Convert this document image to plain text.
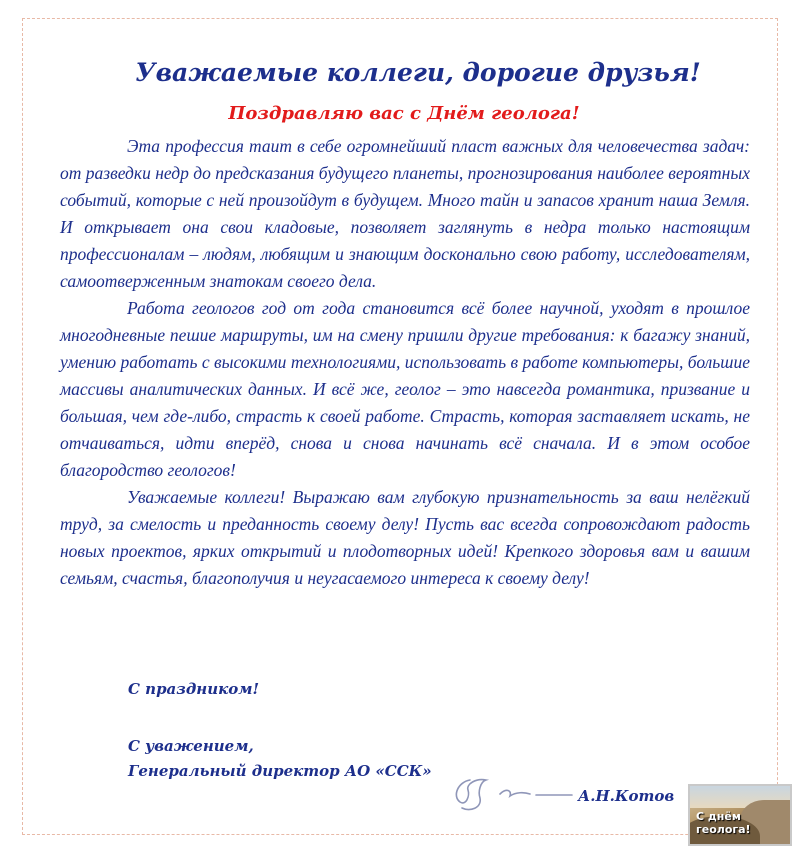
Уважаемые коллеги, дорогие друзья!
Поздравляю вас с Днём геолога!

Эта профессия таит в себе огромнейший пласт важных для человечества задач: от разведки недр до предсказания будущего планеты, прогнозирования наиболее вероятных событий, которые с ней произойдут в будущем. Много тайн и запасов хранит наша Земля. И открывает она свои кладовые, позволяет заглянуть в недра только настоящим профессионалам – людям, любящим и знающим досконально свою работу, исследователям, самоотверженным знатокам своего дела.

Работа геологов год от года становится всё более научной, уходят в прошлое многодневные пешие маршруты, им на смену пришли другие требования: к багажу знаний, умению работать с высокими технологиями, использовать в работе компьютеры, большие массивы аналитических данных. И всё же, геолог – это навсегда романтика, призвание и большая, чем где-либо, страсть к своей работе. Страсть, которая заставляет искать, не отчаиваться, идти вперёд, снова и снова начинать всё сначала. И в этом особое благородство геологов!

Уважаемые коллеги! Выражаю вам глубокую признательность за ваш нелёгкий труд, за смелость и преданность своему делу! Пусть вас всегда сопровождают радость новых проектов, ярких открытий и плодотворных идей! Крепкого здоровья вам и вашим семьям, счастья, благополучия и неугасаемого интереса к своему делу!

С праздником!
С уважением,
Генеральный директор АО «ССК»
А.Н.Котов
С днём
геолога!
